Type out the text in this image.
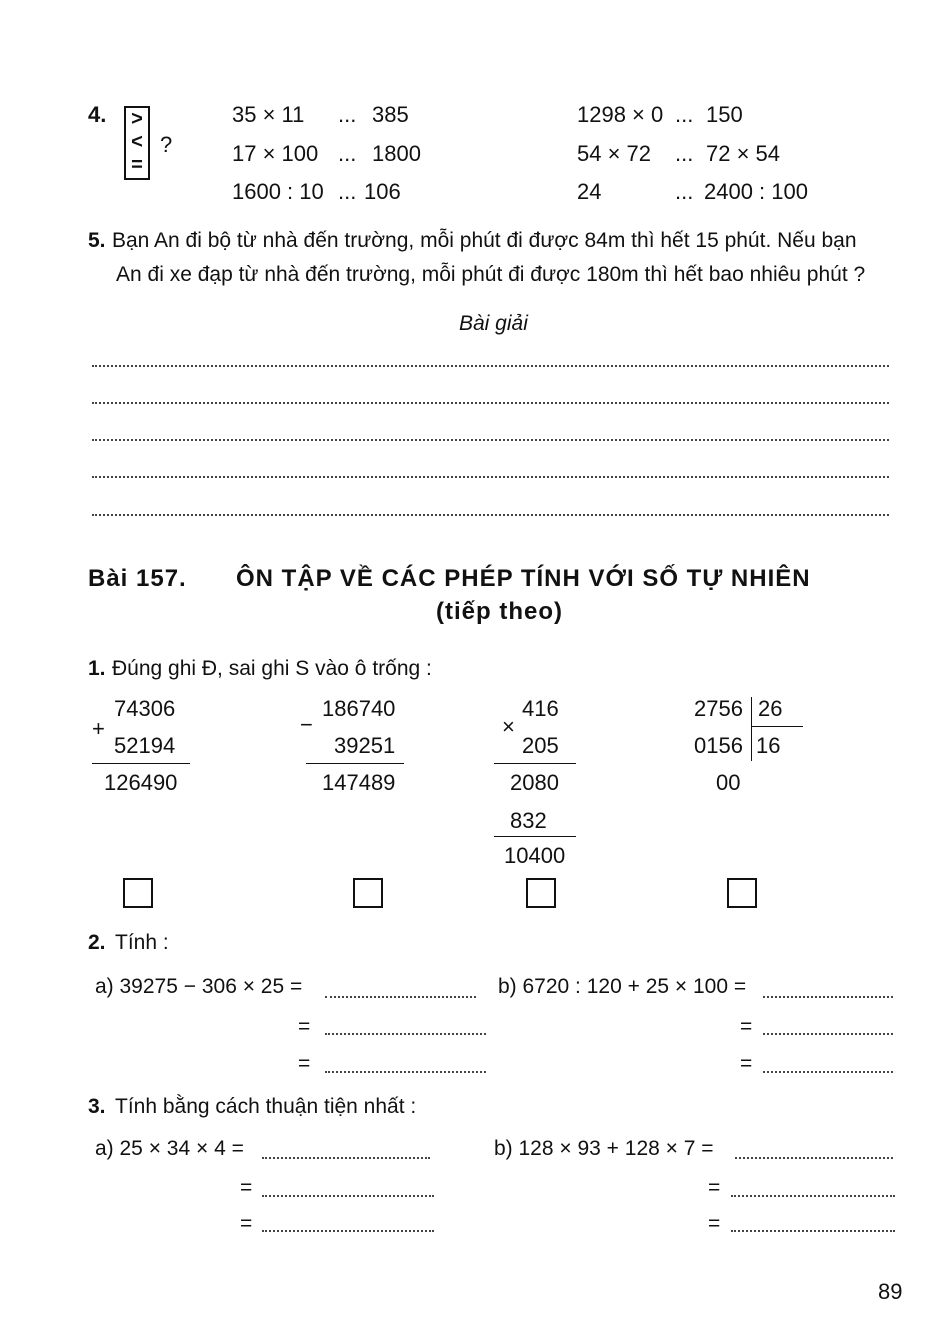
4. >
<
=
?
35 × 11 ... 385
17 × 100 ... 1800
1600 : 10 ... 106
1298 × 0 ... 150
54 × 72 ... 72 × 54
24	... 2400 : 100
5. Bạn An đi bộ từ nhà đến trường, mỗi phút đi được 84m thì hết 15 phút. Nếu bạn
An đi xe đạp từ nhà đến trường, mỗi phút đi được 180m thì hết bao nhiêu phút ?
Bài giải
Bài 157. ÔN TẬP VỀ CÁC PHÉP TÍNH VỚI SỐ TỰ NHIÊN
(tiếp theo)
1. Đúng ghi Đ, sai ghi S vào ô trống :
+
74306
52194
126490
−
186740
39251
147489
×
416
205
2080
832
10400
2756 26
0156 16
00
2. Tính :
a) 39275 − 306 × 25 =
=
=
b) 6720 : 120 + 25 × 100 =
=
=
3. Tính bằng cách thuận tiện nhất :
a) 25 × 34 × 4 =
=
=
b) 128 × 93 + 128 × 7 =
=
=
89
